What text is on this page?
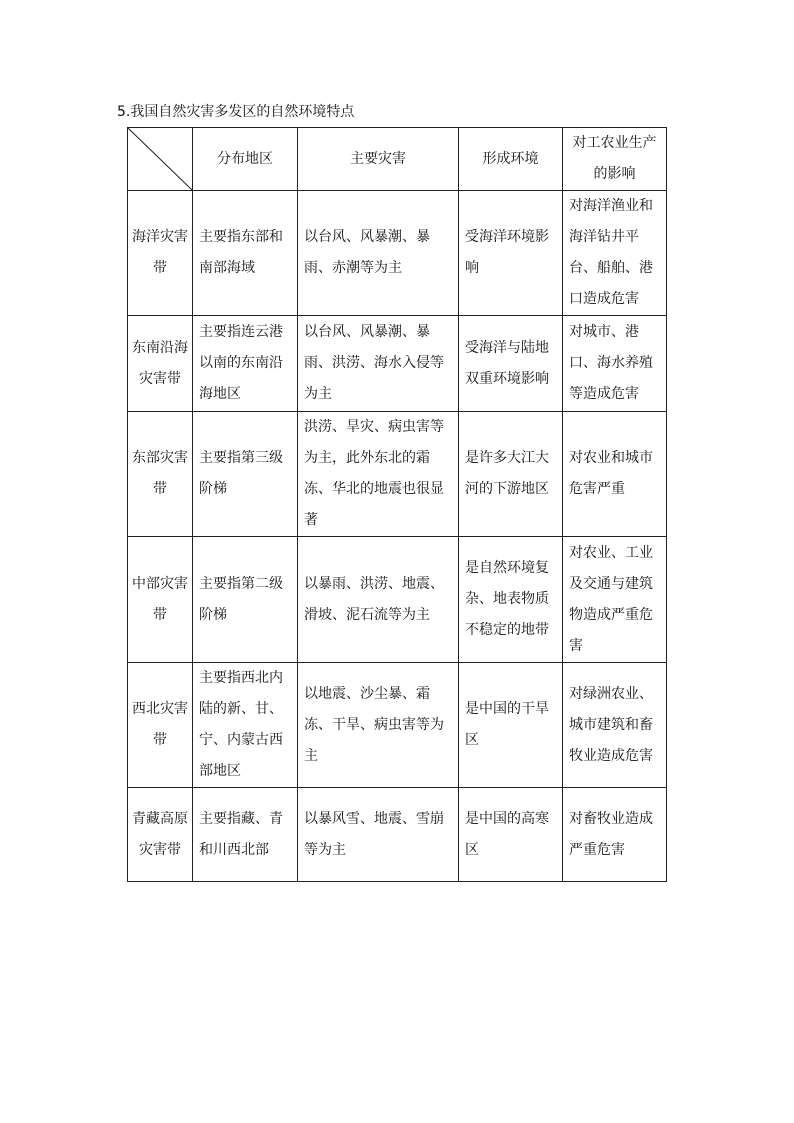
5.我国自然灾害多发区的自然环境特点
	分布地区	主要灾害	形成环境	对工农业生产的影响
海洋灾害带	主要指东部和南部海域	以台风、风暴潮、暴雨、赤潮等为主	受海洋环境影响	对海洋渔业和海洋钻井平台、船舶、港口造成危害
东南沿海灾害带	主要指连云港以南的东南沿海地区	以台风、风暴潮、暴雨、洪涝、海水入侵等为主	受海洋与陆地双重环境影响	对城市、港口、海水养殖等造成危害
东部灾害带	主要指第三级阶梯	洪涝、旱灾、病虫害等为主，此外东北的霜冻、华北的地震也很显著	是许多大江大河的下游地区	对农业和城市危害严重
中部灾害带	主要指第二级阶梯	以暴雨、洪涝、地震、滑坡、泥石流等为主	是自然环境复杂、地表物质不稳定的地带	对农业、工业及交通与建筑物造成严重危害
西北灾害带	主要指西北内陆的新、甘、宁、内蒙古西部地区	以地震、沙尘暴、霜冻、干旱、病虫害等为主	是中国的干旱区	对绿洲农业、城市建筑和畜牧业造成危害
青藏高原灾害带	主要指藏、青和川西北部	以暴风雪、地震、雪崩等为主	是中国的高寒区	对畜牧业造成严重危害
